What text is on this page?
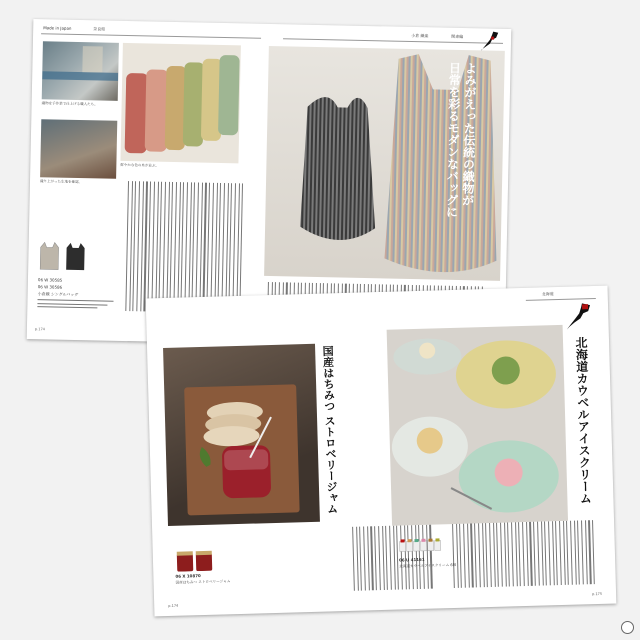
Made in Japan	奈良県
小倉 織楽	関東編
織物を手作業で仕上げる職人たち。
織り上がった生地を確認。
鮮やかな色の糸が並ぶ。
06 W 30585
06 W 30586
小倉織 シングルバッグ
p.174
よみがえった伝統の織物が
日常を彩るモダンなバッグに
国産はちみつ ストロベリージャム
06 X 10870
国産はちみつ ストロベリージャム
p.174
北海道カウベルアイスクリーム
北海道
06 U 41161
北海道カウベルアイスクリーム 6個
p.175
